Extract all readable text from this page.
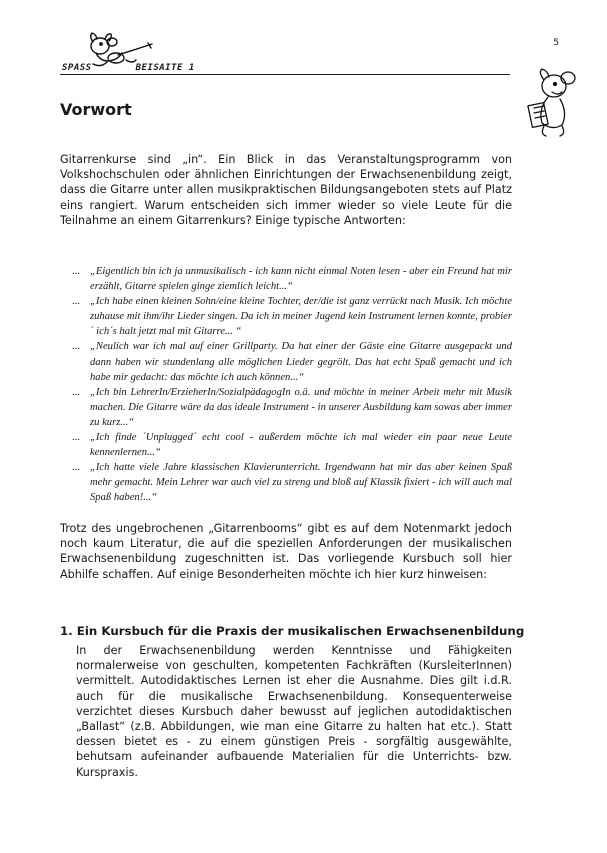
5
SPASS	BEISAITE 1
Vorwort

Gitarrenkurse sind „in“. Ein Blick in das Veranstaltungsprogramm von Volkshochschulen oder ähnlichen Einrichtungen der Erwachsenenbildung zeigt, dass die Gitarre unter allen musikpraktischen Bildungsangeboten stets auf Platz eins rangiert. Warum entscheiden sich immer wieder so viele Leute für die Teilnahme an einem Gitarrenkurs? Einige typische Antworten:

... „Eigentlich bin ich ja unmusikalisch - ich kann nicht einmal Noten lesen - aber ein Freund hat mir erzählt, Gitarre spielen ginge ziemlich leicht...“
... „Ich habe einen kleinen Sohn/eine kleine Tochter, der/die ist ganz verrückt nach Musik. Ich möchte zuhause mit ihm/ihr Lieder singen. Da ich in meiner Jugend kein Instrument lernen konnte, probier´ ich´s halt jetzt mal mit Gitarre... “
... „Neulich war ich mal auf einer Grillparty. Da hat einer der Gäste eine Gitarre ausgepackt und dann haben wir stundenlang alle möglichen Lieder gegrölt. Das hat echt Spaß gemacht und ich habe mir gedacht: das möchte ich auch können...“
... „Ich bin LehrerIn/ErzieherIn/SozialpädagogIn o.ä. und möchte in meiner Arbeit mehr mit Musik machen. Die Gitarre wäre da das ideale Instrument - in unserer Ausbildung kam sowas aber immer zu kurz...“
... „Ich finde ´Unplugged´ echt cool - außerdem möchte ich mal wieder ein paar neue Leute kennenlernen...“
... „Ich hatte viele Jahre klassischen Klavierunterricht. Irgendwann hat mir das aber keinen Spaß mehr gemacht. Mein Lehrer war auch viel zu streng und bloß auf Klassik fixiert - ich will auch mal Spaß haben!...“

Trotz des ungebrochenen „Gitarrenbooms“ gibt es auf dem Notenmarkt jedoch noch kaum Literatur, die auf die speziellen Anforderungen der musikalischen Erwachsenenbildung zugeschnitten ist. Das vorliegende Kursbuch soll hier Abhilfe schaffen. Auf einige Besonderheiten möchte ich hier kurz hinweisen:

1. Ein Kursbuch für die Praxis der musikalischen Erwachsenenbildung

In der Erwachsenenbildung werden Kenntnisse und Fähigkeiten normalerweise von geschulten, kompetenten Fachkräften (KursleiterInnen) vermittelt. Autodidaktisches Lernen ist eher die Ausnahme. Dies gilt i.d.R. auch für die musikalische Erwachsenenbildung. Konsequenterweise verzichtet dieses Kursbuch daher bewusst auf jeglichen autodidaktischen „Ballast“ (z.B. Abbildungen, wie man eine Gitarre zu halten hat etc.). Statt dessen bietet es - zu einem günstigen Preis - sorgfältig ausgewählte, behutsam aufeinander aufbauende Materialien für die Unterrichts- bzw. Kurspraxis.
